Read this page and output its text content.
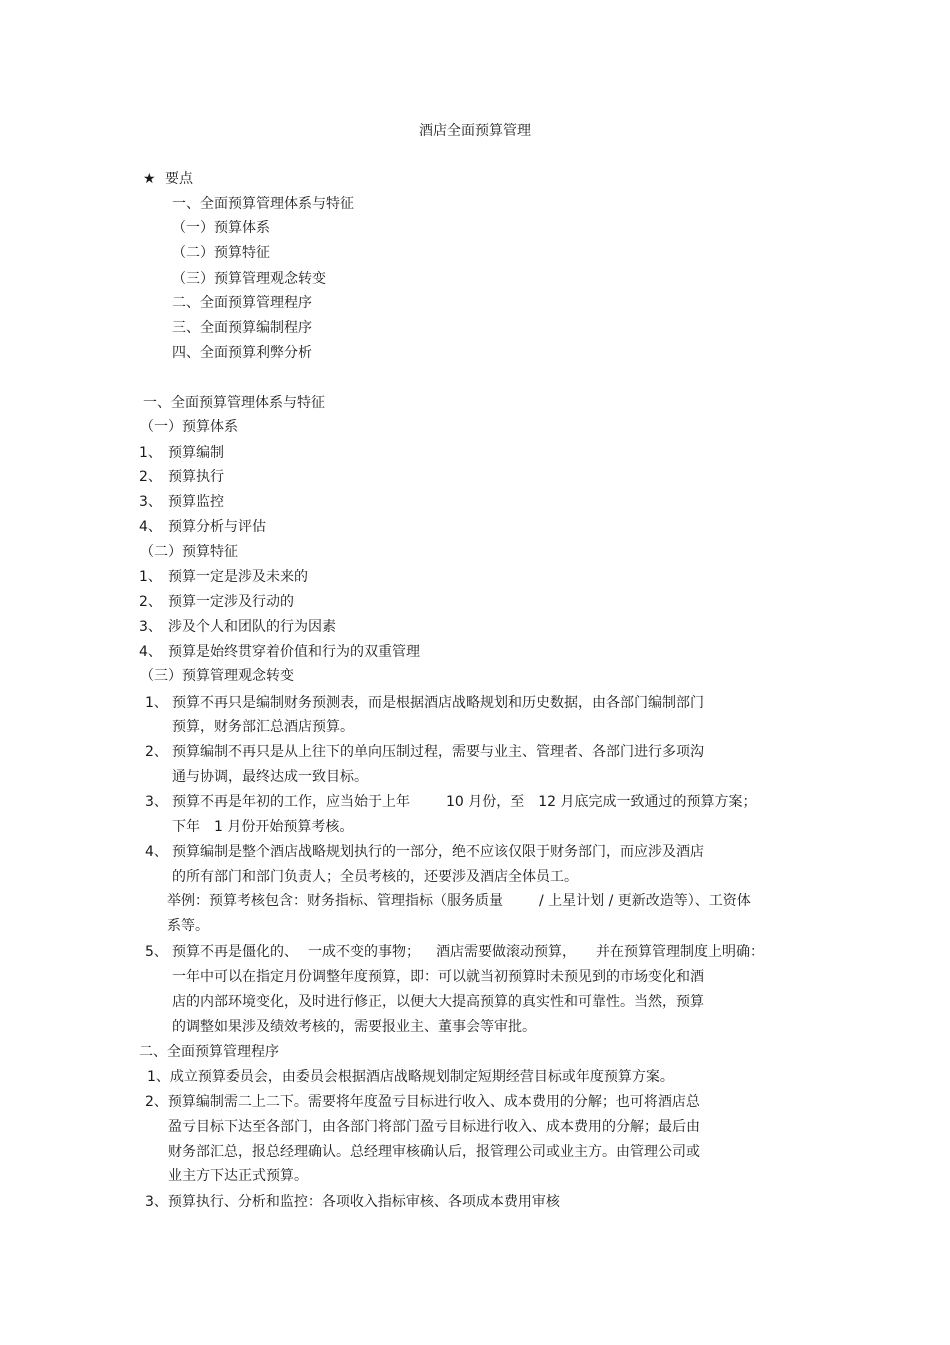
酒店全面预算管理
★ 要点
一、全面预算管理体系与特征
（一）预算体系
（二）预算特征
（三）预算管理观念转变
二、全面预算管理程序
三、全面预算编制程序
四、全面预算利弊分析
一、全面预算管理体系与特征
（一）预算体系
1、 预算编制
2、 预算执行
3、 预算监控
4、 预算分析与评估
（二）预算特征
1、 预算一定是涉及未来的
2、 预算一定涉及行动的
3、 涉及个人和团队的行为因素
4、 预算是始终贯穿着价值和行为的双重管理
（三）预算管理观念转变
1、 预算不再只是编制财务预测表，而是根据酒店战略规划和历史数据，由各部门编制部门
预算，财务部汇总酒店预算。
2、 预算编制不再只是从上往下的单向压制过程，需要与业主、管理者、各部门进行多项沟
通与协调，最终达成一致目标。
3、 预算不再是年初的工作，应当始于上年	10 月份，至　12 月底完成一致通过的预算方案；
下年　1 月份开始预算考核。
4、 预算编制是整个酒店战略规划执行的一部分，绝不应该仅限于财务部门，而应涉及酒店
的所有部门和部门负责人；全员考核的，还要涉及酒店全体员工。
举例：预算考核包含：财务指标、管理指标（服务质量	/ 上星计划 / 更新改造等）、工资体
系等。
5、 预算不再是僵化的、 一成不变的事物； 酒店需要做滚动预算， 并在预算管理制度上明确：
一年中可以在指定月份调整年度预算，即：可以就当初预算时未预见到的市场变化和酒
店的内部环境变化，及时进行修正，以便大大提高预算的真实性和可靠性。当然，预算
的调整如果涉及绩效考核的，需要报业主、董事会等审批。
二、全面预算管理程序
1、成立预算委员会，由委员会根据酒店战略规划制定短期经营目标或年度预算方案。
2、预算编制需二上二下。需要将年度盈亏目标进行收入、成本费用的分解；也可将酒店总
盈亏目标下达至各部门，由各部门将部门盈亏目标进行收入、成本费用的分解；最后由
财务部汇总，报总经理确认。总经理审核确认后，报管理公司或业主方。由管理公司或
业主方下达正式预算。
3、预算执行、分析和监控：各项收入指标审核、各项成本费用审核
